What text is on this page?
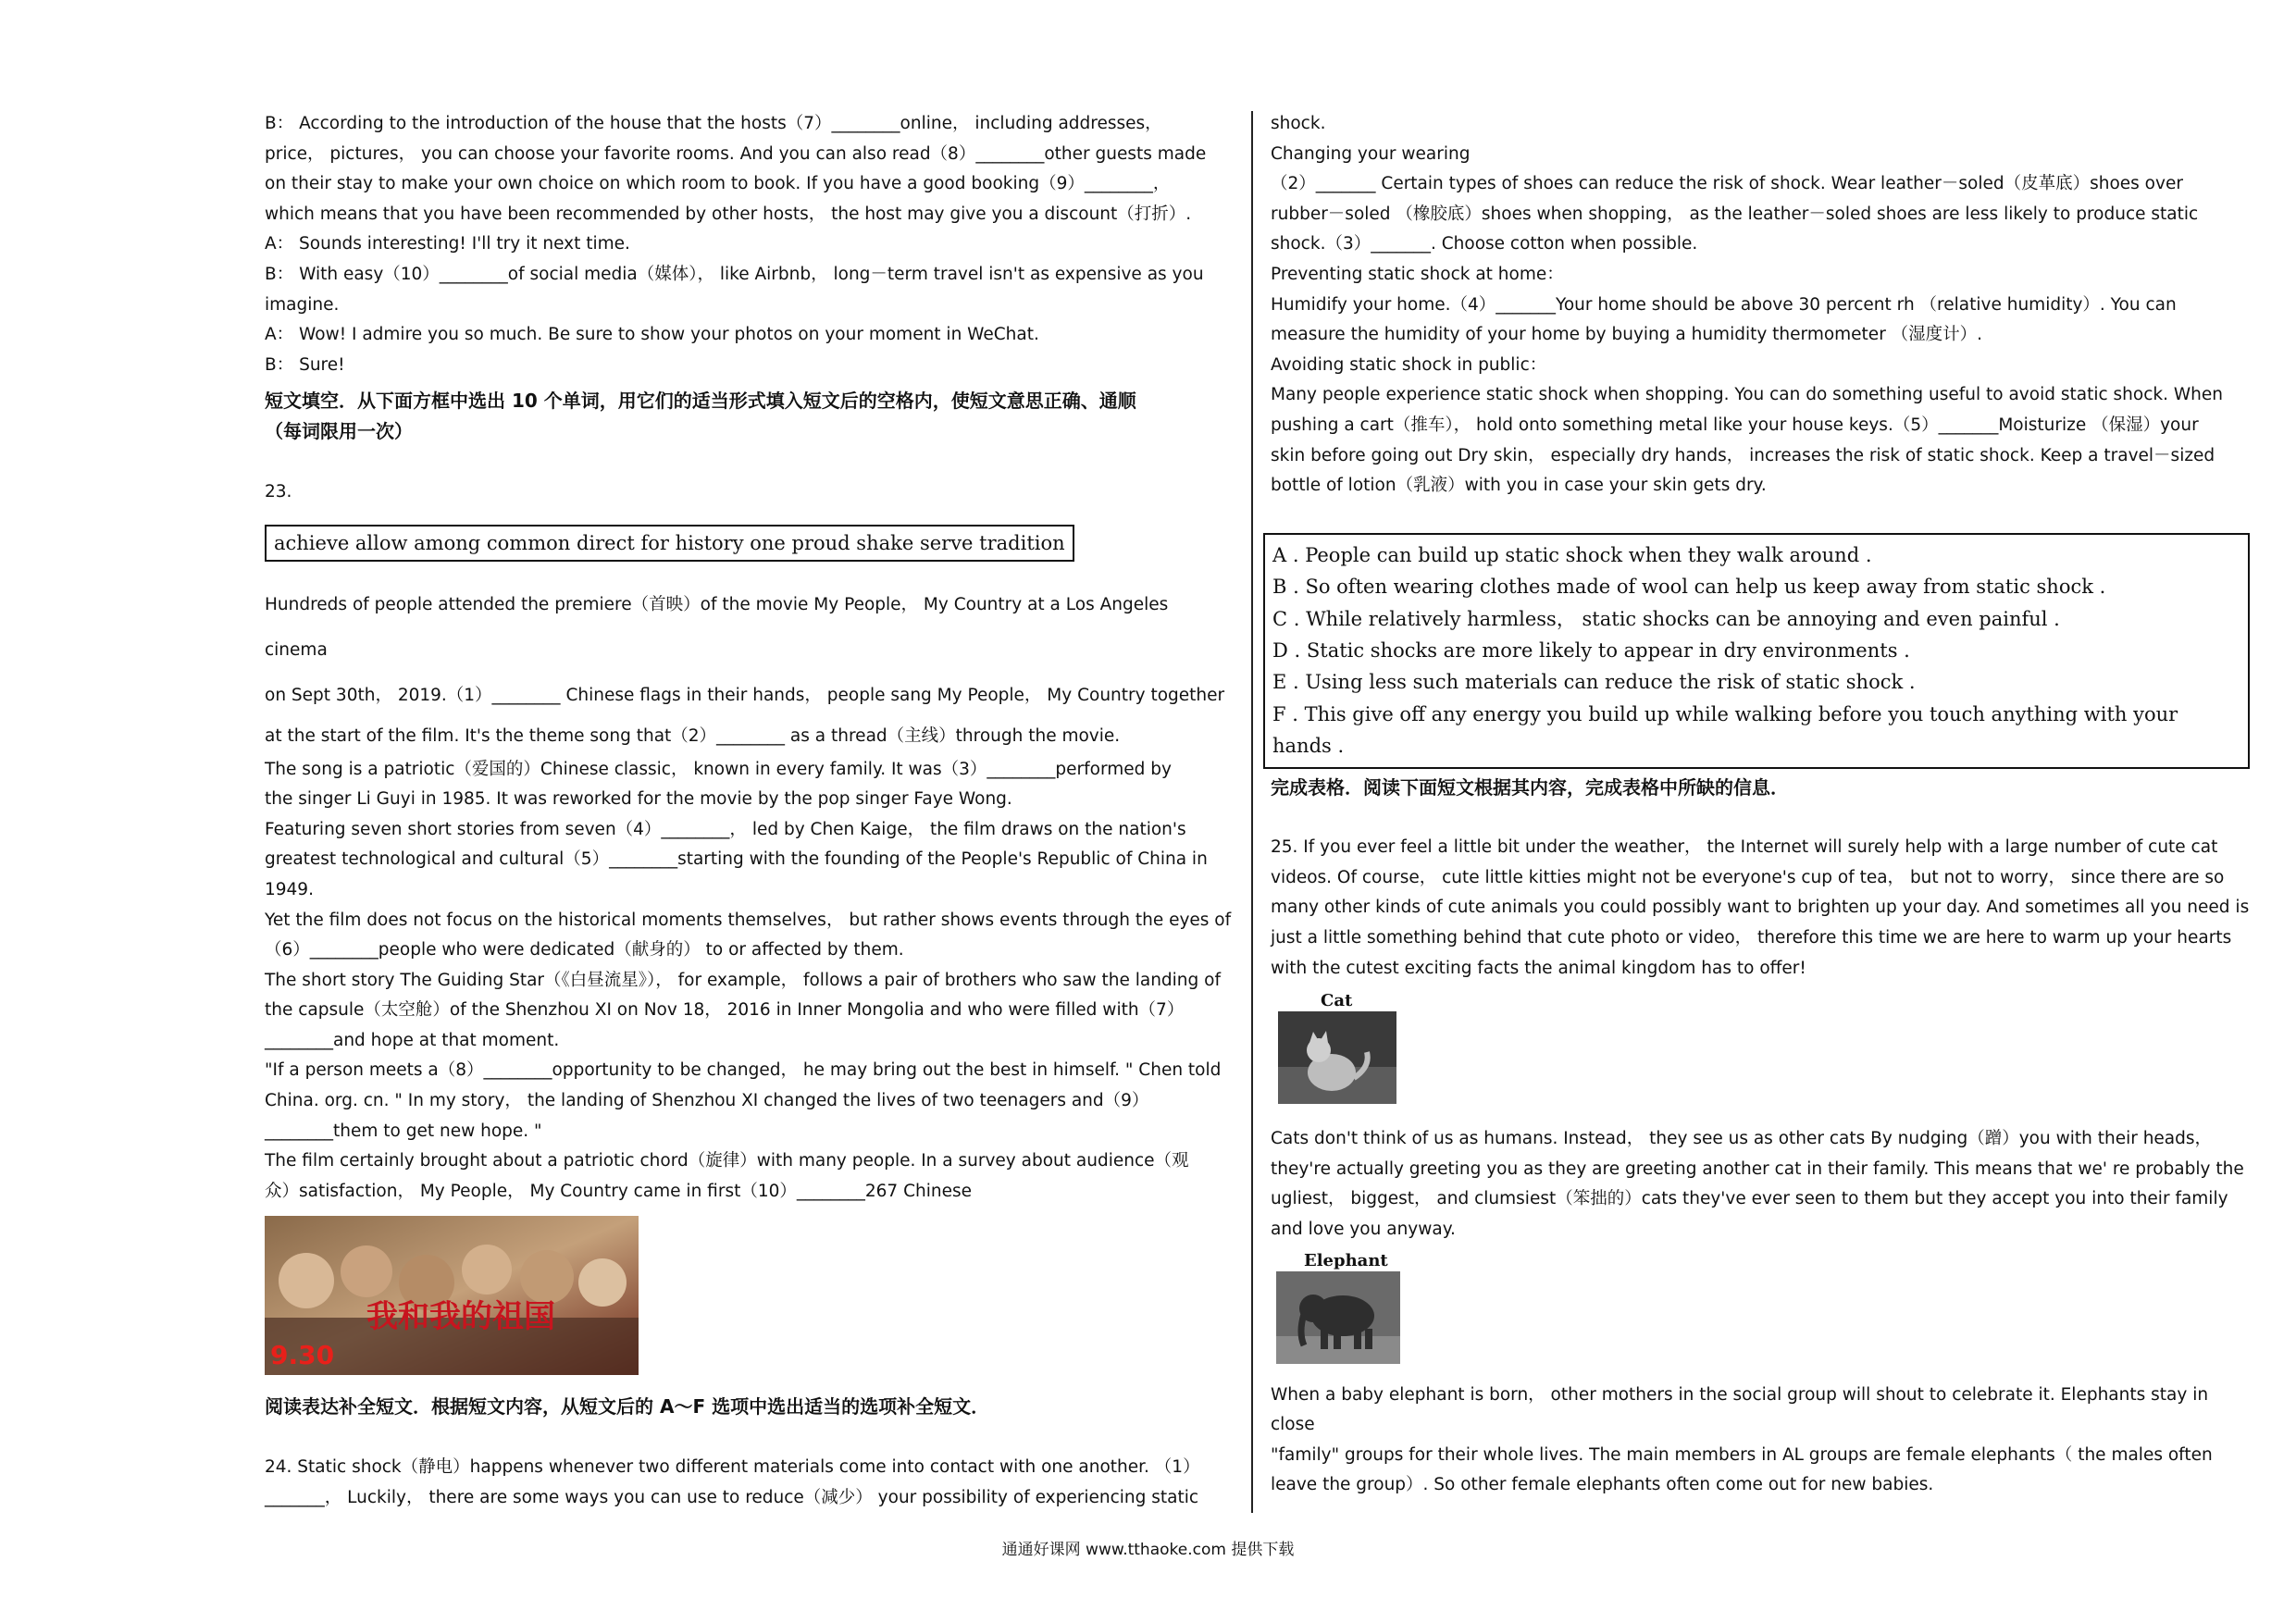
B： According to the introduction of the house that the hosts（7）________online， including addresses，

price， pictures， you can choose your favorite rooms. And you can also read（8）________other guests made

on their stay to make your own choice on which room to book. If you have a good booking（9）________，

which means that you have been recommended by other hosts， the host may give you a discount（打折）.

A： Sounds interesting! I'll try it next time.

B： With easy（10）________of social media（媒体）， like Airbnb， long－term travel isn't as expensive as you

imagine.

A： Wow! I admire you so much. Be sure to show your photos on your moment in WeChat.

B： Sure!

短文填空．从下面方框中选出 10 个单词，用它们的适当形式填入短文后的空格内，使短文意思正确、通顺

（每词限用一次）

23.

achieve allow among common direct for history one proud shake serve tradition

Hundreds of people attended the premiere（首映）of the movie My People， My Country at a Los Angeles cinema

on Sept 30th， 2019.（1）________ Chinese flags in their hands， people sang My People， My Country together

at the start of the film. It's the theme song that（2）________ as a thread（主线）through the movie.

The song is a patriotic（爱国的）Chinese classic， known in every family. It was（3）________performed by

the singer Li Guyi in 1985. It was reworked for the movie by the pop singer Faye Wong.

Featuring seven short stories from seven（4）________， led by Chen Kaige， the film draws on the nation's

greatest technological and cultural（5）________starting with the founding of the People's Republic of China in

1949.

Yet the film does not focus on the historical moments themselves， but rather shows events through the eyes of

（6）________people who were dedicated（献身的） to or affected by them.

The short story The Guiding Star（《白昼流星》）， for example， follows a pair of brothers who saw the landing of

the capsule（太空舱）of the Shenzhou XI on Nov 18， 2016 in Inner Mongolia and who were filled with（7）

________and hope at that moment.

"If a person meets a（8）________opportunity to be changed， he may bring out the best in himself. " Chen told

China. org. cn. " In my story， the landing of Shenzhou XI changed the lives of two teenagers and（9）

________them to get new hope. "

The film certainly brought about a patriotic chord（旋律）with many people. In a survey about audience（观

众）satisfaction， My People， My Country came in first（10）________267 Chinese

我和我的祖国
9.30

阅读表达补全短文．根据短文内容，从短文后的 A～F 选项中选出适当的选项补全短文．

24. Static shock（静电）happens whenever two different materials come into contact with one another. （1）

_______， Luckily， there are some ways you can use to reduce（减少） your possibility of experiencing static

shock.

Changing your wearing

（2）_______ Certain types of shoes can reduce the risk of shock. Wear leather－soled（皮革底）shoes over

rubber－soled （橡胶底）shoes when shopping， as the leather－soled shoes are less likely to produce static

shock.（3）_______. Choose cotton when possible.

Preventing static shock at home：

Humidify your home.（4）_______Your home should be above 30 percent rh （relative humidity）. You can

measure the humidity of your home by buying a humidity thermometer （湿度计）.

Avoiding static shock in public：

Many people experience static shock when shopping. You can do something useful to avoid static shock. When

pushing a cart（推车）， hold onto something metal like your house keys.（5）_______Moisturize （保湿）your

skin before going out Dry skin， especially dry hands， increases the risk of static shock. Keep a travel－sized

bottle of lotion（乳液）with you in case your skin gets dry.

A . People can build up static shock when they walk around .

B . So often wearing clothes made of wool can help us keep away from static shock .

C . While relatively harmless， static shocks can be annoying and even painful .

D . Static shocks are more likely to appear in dry environments .

E . Using less such materials can reduce the risk of static shock .

F . This give off any energy you build up while walking before you touch anything with your hands .

完成表格．阅读下面短文根据其内容，完成表格中所缺的信息．

25. If you ever feel a little bit under the weather， the Internet will surely help with a large number of cute cat

videos. Of course， cute little kitties might not be everyone's cup of tea， but not to worry， since there are so

many other kinds of cute animals you could possibly want to brighten up your day. And sometimes all you need is

just a little something behind that cute photo or video， therefore this time we are here to warm up your hearts

with the cutest exciting facts the animal kingdom has to offer!

Cat

Cats don't think of us as humans. Instead， they see us as other cats By nudging（蹭）you with their heads，

they're actually greeting you as they are greeting another cat in their family. This means that we' re probably the

ugliest， biggest， and clumsiest（笨拙的）cats they've ever seen to them but they accept you into their family

and love you anyway.

Elephant

When a baby elephant is born， other mothers in the social group will shout to celebrate it. Elephants stay in close

"family" groups for their whole lives. The main members in AL groups are female elephants（ the males often

leave the group）. So other female elephants often come out for new babies.

通通好课网 www.tthaoke.com 提供下载
